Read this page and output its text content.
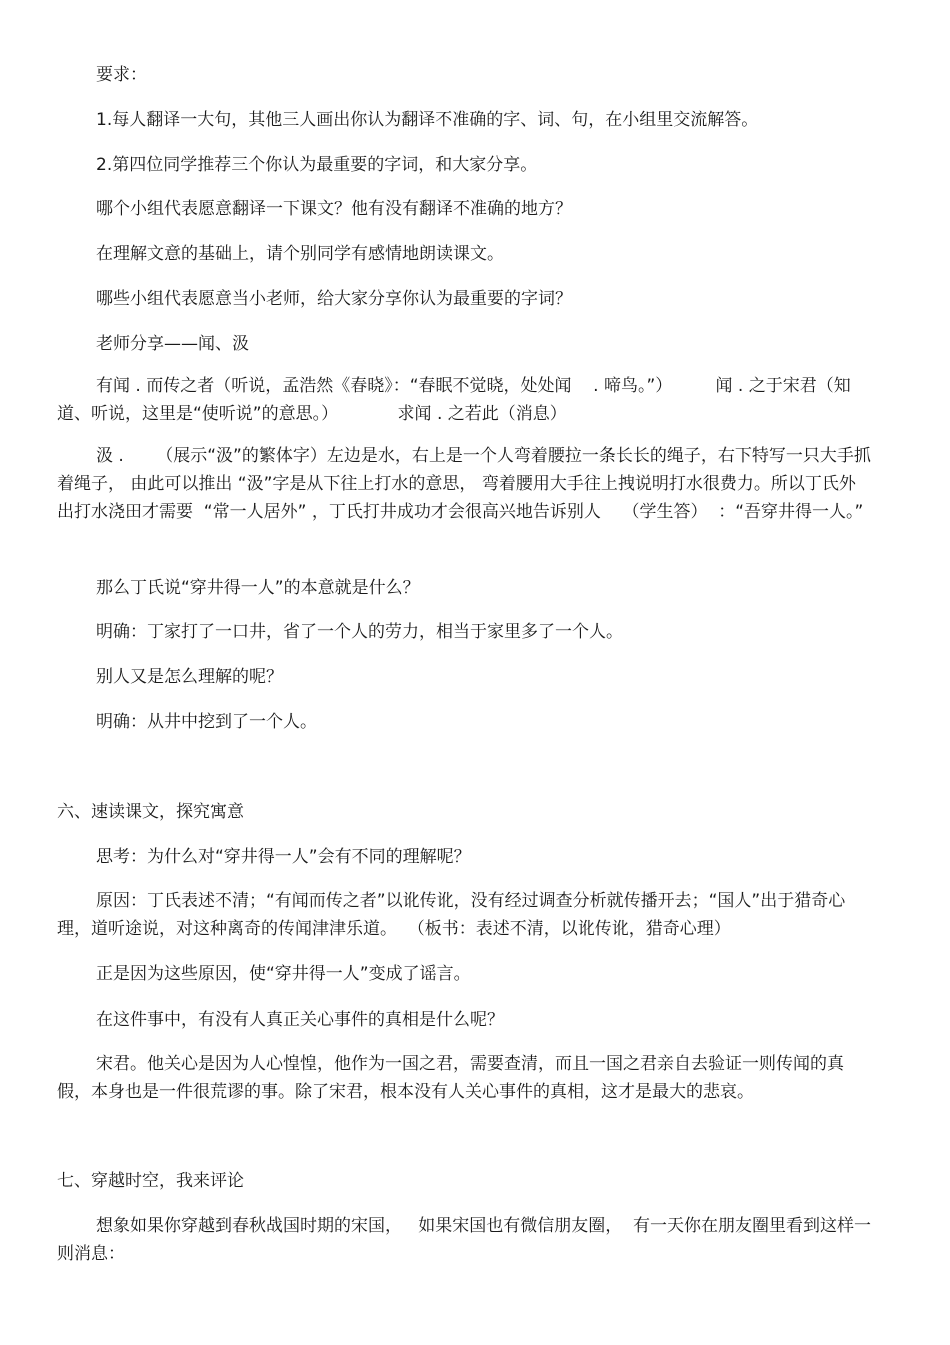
要求：

1.每人翻译一大句，其他三人画出你认为翻译不准确的字、词、句，在小组里交流解答。

2.第四位同学推荐三个你认为最重要的字词，和大家分享。

哪个小组代表愿意翻译一下课文？他有没有翻译不准确的地方？

在理解文意的基础上，请个别同学有感情地朗读课文。

哪些小组代表愿意当小老师，给大家分享你认为最重要的字词？

老师分享——闻、汲

有闻 . 而传之者（听说，孟浩然《春晓》：“春眠不觉晓，处处闻    . 啼鸟。”）        闻 . 之于宋君（知道、听说，这里是“使听说”的意思。）           求闻 . 之若此（消息）

汲 .      （展示“汲”的繁体字）左边是水，右上是一个人弯着腰拉一条长长的绳子，右下特写一只大手抓着绳子， 由此可以推出 “汲”字是从下往上打水的意思， 弯着腰用大手往上拽说明打水很费力。所以丁氏外出打水浇田才需要  “常一人居外” ，丁氏打井成功才会很高兴地告诉别人    （学生答）  ：“吾穿井得一人。”

那么丁氏说“穿井得一人”的本意就是什么？

明确：丁家打了一口井，省了一个人的劳力，相当于家里多了一个人。

别人又是怎么理解的呢？

明确：从井中挖到了一个人。

六、速读课文，探究寓意

思考：为什么对“穿井得一人”会有不同的理解呢？

原因：丁氏表述不清；“有闻而传之者”以讹传讹，没有经过调查分析就传播开去；“国人”出于猎奇心理，道听途说，对这种离奇的传闻津津乐道。  （板书：表述不清，以讹传讹，猎奇心理）

正是因为这些原因，使“穿井得一人”变成了谣言。

在这件事中，有没有人真正关心事件的真相是什么呢？

宋君。他关心是因为人心惶惶，他作为一国之君，需要查清，而且一国之君亲自去验证一则传闻的真假，本身也是一件很荒谬的事。除了宋君，根本没有人关心事件的真相，这才是最大的悲哀。

七、穿越时空，我来评论

想象如果你穿越到春秋战国时期的宋国，   如果宋国也有微信朋友圈，  有一天你在朋友圈里看到这样一则消息：
